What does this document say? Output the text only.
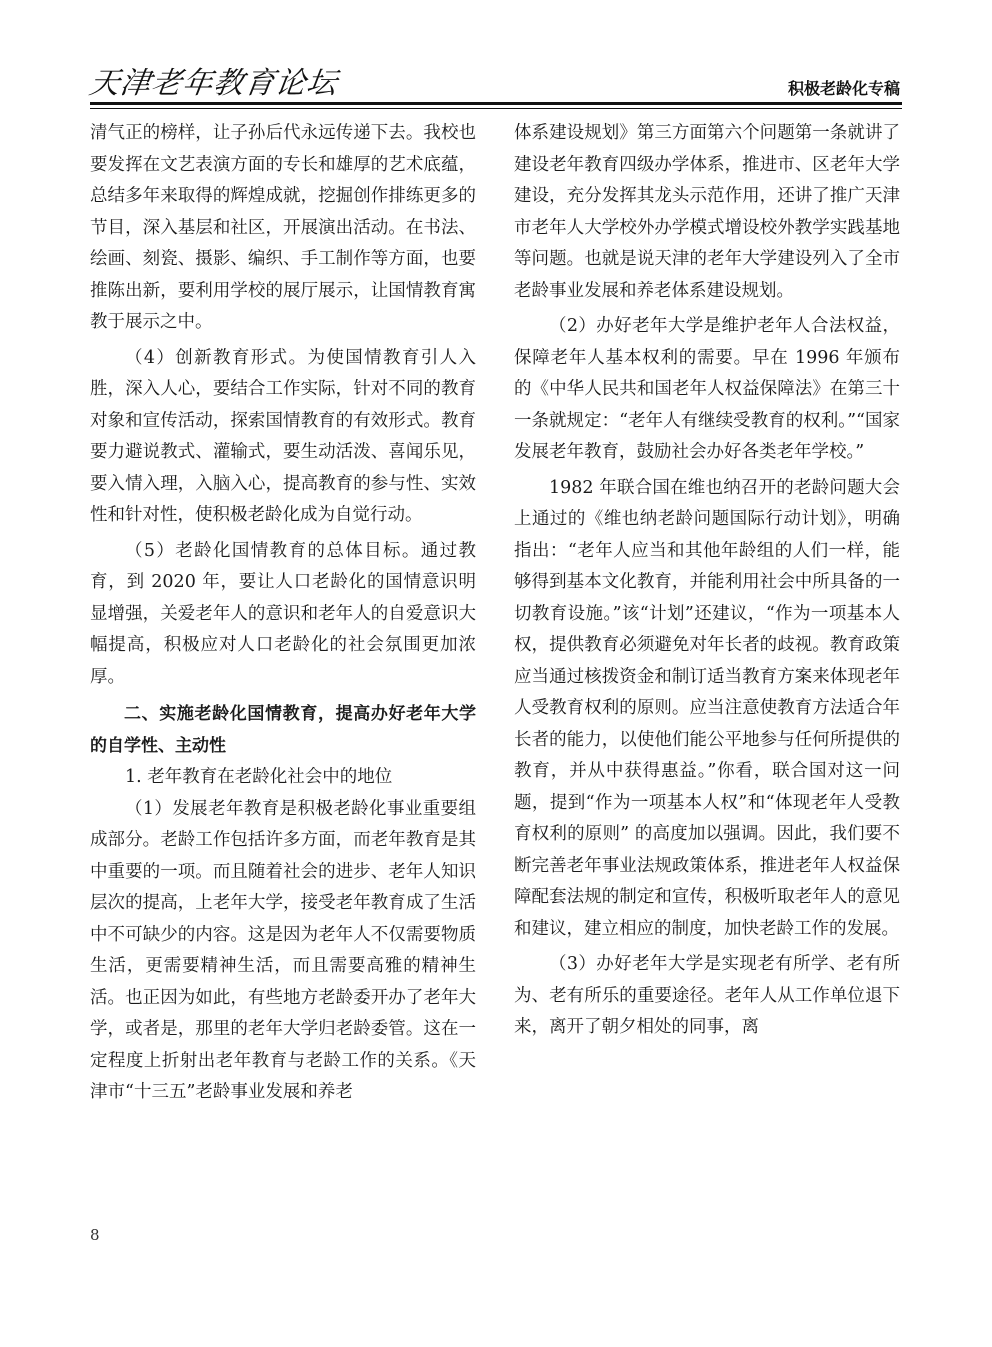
天津老年教育论坛	积极老龄化专稿

清气正的榜样，让子孙后代永远传递下去。我校也要发挥在文艺表演方面的专长和雄厚的艺术底蕴，总结多年来取得的辉煌成就，挖掘创作排练更多的节目，深入基层和社区，开展演出活动。在书法、绘画、刻瓷、摄影、编织、手工制作等方面，也要推陈出新，要利用学校的展厅展示，让国情教育寓教于展示之中。

（4）创新教育形式。为使国情教育引人入胜，深入人心，要结合工作实际，针对不同的教育对象和宣传活动，探索国情教育的有效形式。教育要力避说教式、灌输式，要生动活泼、喜闻乐见，要入情入理，入脑入心，提高教育的参与性、实效性和针对性，使积极老龄化成为自觉行动。

（5）老龄化国情教育的总体目标。通过教育，到 2020 年，要让人口老龄化的国情意识明显增强，关爱老年人的意识和老年人的自爱意识大幅提高，积极应对人口老龄化的社会氛围更加浓厚。

二、实施老龄化国情教育，提高办好老年大学的自学性、主动性

1. 老年教育在老龄化社会中的地位

（1）发展老年教育是积极老龄化事业重要组成部分。老龄工作包括许多方面，而老年教育是其中重要的一项。而且随着社会的进步、老年人知识层次的提高，上老年大学，接受老年教育成了生活中不可缺少的内容。这是因为老年人不仅需要物质生活，更需要精神生活，而且需要高雅的精神生活。也正因为如此，有些地方老龄委开办了老年大学，或者是，那里的老年大学归老龄委管。这在一定程度上折射出老年教育与老龄工作的关系。《天津市“十三五”老龄事业发展和养老

体系建设规划》第三方面第六个问题第一条就讲了建设老年教育四级办学体系，推进市、区老年大学建设，充分发挥其龙头示范作用，还讲了推广天津市老年人大学校外办学模式增设校外教学实践基地等问题。也就是说天津的老年大学建设列入了全市老龄事业发展和养老体系建设规划。

（2）办好老年大学是维护老年人合法权益，保障老年人基本权利的需要。早在 1996 年颁布的《中华人民共和国老年人权益保障法》在第三十一条就规定：“老年人有继续受教育的权利。”“国家发展老年教育，鼓励社会办好各类老年学校。”

1982 年联合国在维也纳召开的老龄问题大会上通过的《维也纳老龄问题国际行动计划》，明确指出：“老年人应当和其他年龄组的人们一样，能够得到基本文化教育，并能利用社会中所具备的一切教育设施。”该“计划”还建议，“作为一项基本人权，提供教育必须避免对年长者的歧视。教育政策应当通过核拨资金和制订适当教育方案来体现老年人受教育权利的原则。应当注意使教育方法适合年长者的能力，以使他们能公平地参与任何所提供的教育，并从中获得惠益。”你看，联合国对这一问题，提到“作为一项基本人权”和“体现老年人受教育权利的原则” 的高度加以强调。因此，我们要不断完善老年事业法规政策体系，推进老年人权益保障配套法规的制定和宣传，积极听取老年人的意见和建议，建立相应的制度，加快老龄工作的发展。

（3）办好老年大学是实现老有所学、老有所为、老有所乐的重要途径。老年人从工作单位退下来，离开了朝夕相处的同事，离

8
